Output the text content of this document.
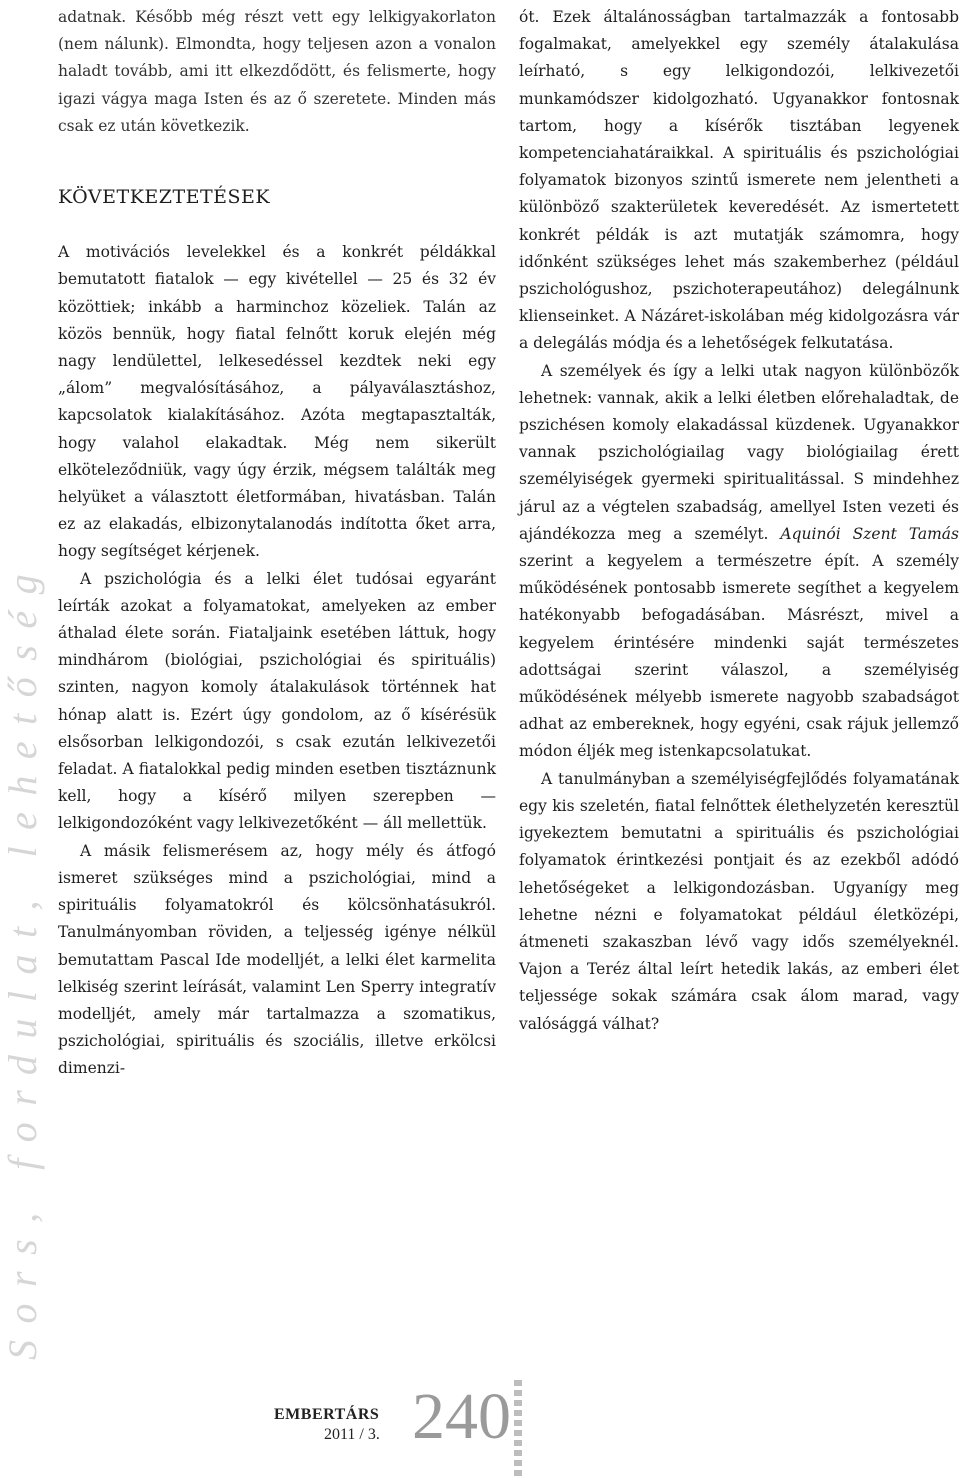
Sors, fordulat, lehetőség

adatnak. Később még részt vett egy lelkigyakorlaton (nem nálunk). Elmondta, hogy teljesen azon a vonalon haladt tovább, ami itt elkezdődött, és felismerte, hogy igazi vágya maga Isten és az ő szeretete. Minden más csak ez után következik.

KÖVETKEZTETÉSEK

A motivációs levelekkel és a konkrét példákkal bemutatott fiatalok — egy kivétellel — 25 és 32 év közöttiek; inkább a harminchoz közeliek. Talán az közös bennük, hogy fiatal felnőtt koruk elején még nagy lendülettel, lelkesedéssel kezdtek neki egy „álom” megvalósításához, a pályaválasztáshoz, kapcsolatok kialakításához. Azóta megtapasztalták, hogy valahol elakadtak. Még nem sikerült elköteleződniük, vagy úgy érzik, mégsem találták meg helyüket a választott életformában, hivatásban. Talán ez az elakadás, elbizonytalanodás indította őket arra, hogy segítséget kérjenek.

A pszichológia és a lelki élet tudósai egyaránt leírták azokat a folyamatokat, amelyeken az ember áthalad élete során. Fiataljaink esetében láttuk, hogy mindhárom (biológiai, pszichológiai és spirituális) szinten, nagyon komoly átalakulások történnek hat hónap alatt is. Ezért úgy gondolom, az ő kísérésük elsősorban lelkigondozói, s csak ezután lelkivezetői feladat. A fiatalokkal pedig minden esetben tisztáznunk kell, hogy a kísérő milyen szerepben — lelkigondozóként vagy lelkivezetőként — áll mellettük.

A másik felismerésem az, hogy mély és átfogó ismeret szükséges mind a pszichológiai, mind a spirituális folyamatokról és kölcsönhatásukról. Tanulmányomban röviden, a teljesség igénye nélkül bemutattam Pascal Ide modelljét, a lelki élet karmelita lelkiség szerint leírását, valamint Len Sperry integratív modelljét, amely már tartalmazza a szomatikus, pszichológiai, spirituális és szociális, illetve erkölcsi dimenzi-

ót. Ezek általánosságban tartalmazzák a fontosabb fogalmakat, amelyekkel egy személy átalakulása leírható, s egy lelkigondozói, lelkivezetői munkamódszer kidolgozható. Ugyanakkor fontosnak tartom, hogy a kísérők tisztában legyenek kompetenciahatáraikkal. A spirituális és pszichológiai folyamatok bizonyos szintű ismerete nem jelentheti a különböző szakterületek keveredését. Az ismertetett konkrét példák is azt mutatják számomra, hogy időnként szükséges lehet más szakemberhez (például pszichológushoz, pszichoterapeutához) delegálnunk klienseinket. A Názáret-iskolában még kidolgozásra vár a delegálás módja és a lehetőségek felkutatása.

A személyek és így a lelki utak nagyon különbözők lehetnek: vannak, akik a lelki életben előrehaladtak, de pszichésen komoly elakadással küzdenek. Ugyanakkor vannak pszichológiailag vagy biológiailag érett személyiségek gyermeki spiritualitással. S mindehhez járul az a végtelen szabadság, amellyel Isten vezeti és ajándékozza meg a személyt. Aquinói Szent Tamás szerint a kegyelem a természetre épít. A személy működésének pontosabb ismerete segíthet a kegyelem hatékonyabb befogadásában. Másrészt, mivel a kegyelem érintésére mindenki saját természetes adottságai szerint válaszol, a személyiség működésének mélyebb ismerete nagyobb szabadságot adhat az embereknek, hogy egyéni, csak rájuk jellemző módon éljék meg istenkapcsolatukat.

A tanulmányban a személyiségfejlődés folyamatának egy kis szeletén, fiatal felnőttek élethelyzetén keresztül igyekeztem bemutatni a spirituális és pszichológiai folyamatok érintkezési pontjait és az ezekből adódó lehetőségeket a lelkigondozásban. Ugyanígy meg lehetne nézni e folyamatokat például életközépi, átmeneti szakaszban lévő vagy idős személyeknél. Vajon a Teréz által leírt hetedik lakás, az emberi élet teljessége sokak számára csak álom marad, vagy valósággá válhat?

EMBERTÁRS
2011 / 3. 240
